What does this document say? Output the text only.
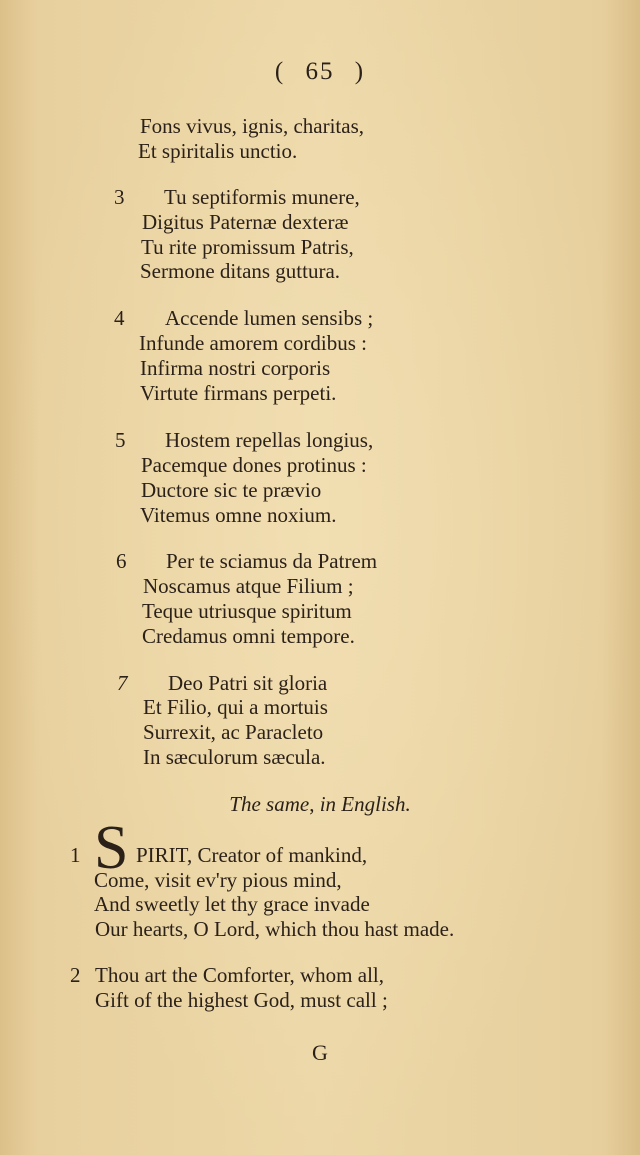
( 65 )
Fons vivus, ignis, charitas,
Et spiritalis unctio.
3 Tu septiformis munere,
Digitus Paternæ dexteræ
Tu rite promissum Patris,
Sermone ditans guttura.
4 Accende lumen sensibs ;
Infunde amorem cordibus :
Infirma nostri corporis
Virtute firmans perpeti.
5 Hostem repellas longius,
Pacemque dones protinus :
Ductore sic te prævio
Vitemus omne noxium.
6 Per te sciamus da Patrem
Noscamus atque Filium ;
Teque utriusque spiritum
Credamus omni tempore.
7 Deo Patri sit gloria
Et Filio, qui a mortuis
Surrexit, ac Paracleto
In sæculorum sæcula.
The same, in English.
1 S PIRIT, Creator of mankind,
Come, visit ev'ry pious mind,
And sweetly let thy grace invade
Our hearts, O Lord, which thou hast made.
2 Thou art the Comforter, whom all,
Gift of the highest God, must call ;
G
